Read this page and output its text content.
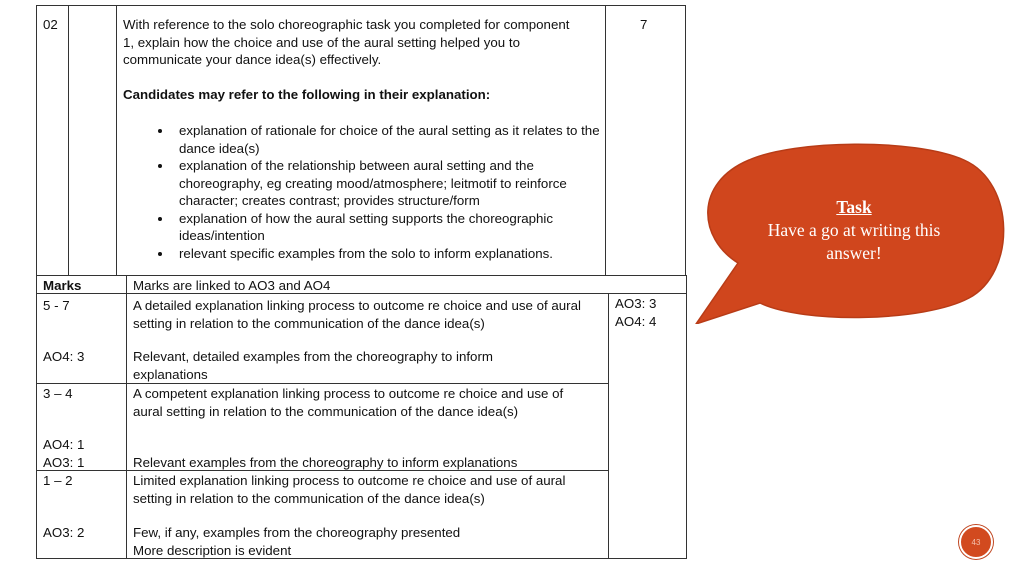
02	7
With reference to the solo choreographic task you completed for component 1, explain how the choice and use of the aural setting helped you to communicate your dance idea(s) effectively.
Candidates may refer to the following in their explanation:
• explanation of rationale for choice of the aural setting as it relates to the dance idea(s)
• explanation of the relationship between aural setting and the choreography, eg creating mood/atmosphere; leitmotif to reinforce character; creates contrast; provides structure/form
• explanation of how the aural setting supports the choreographic ideas/intention
• relevant specific examples from the solo to inform explanations.
Marks	Marks are linked to AO3 and AO4
AO3: 3
AO4: 4
5 - 7
AO4: 3
A detailed explanation linking process to outcome re choice and use of aural setting in relation to the communication of the dance idea(s)
Relevant, detailed examples from the choreography to inform explanations
3 – 4
AO4: 1
AO3: 1
A competent explanation linking process to outcome re choice and use of aural setting in relation to the communication of the dance idea(s)
Relevant examples from the choreography to inform explanations
1 – 2
AO3: 2
Limited explanation linking process to outcome re choice and use of aural setting in relation to the communication of the dance idea(s)
Few, if any, examples from the choreography presented
More description is evident
Task
Have a go at writing this answer!
43
